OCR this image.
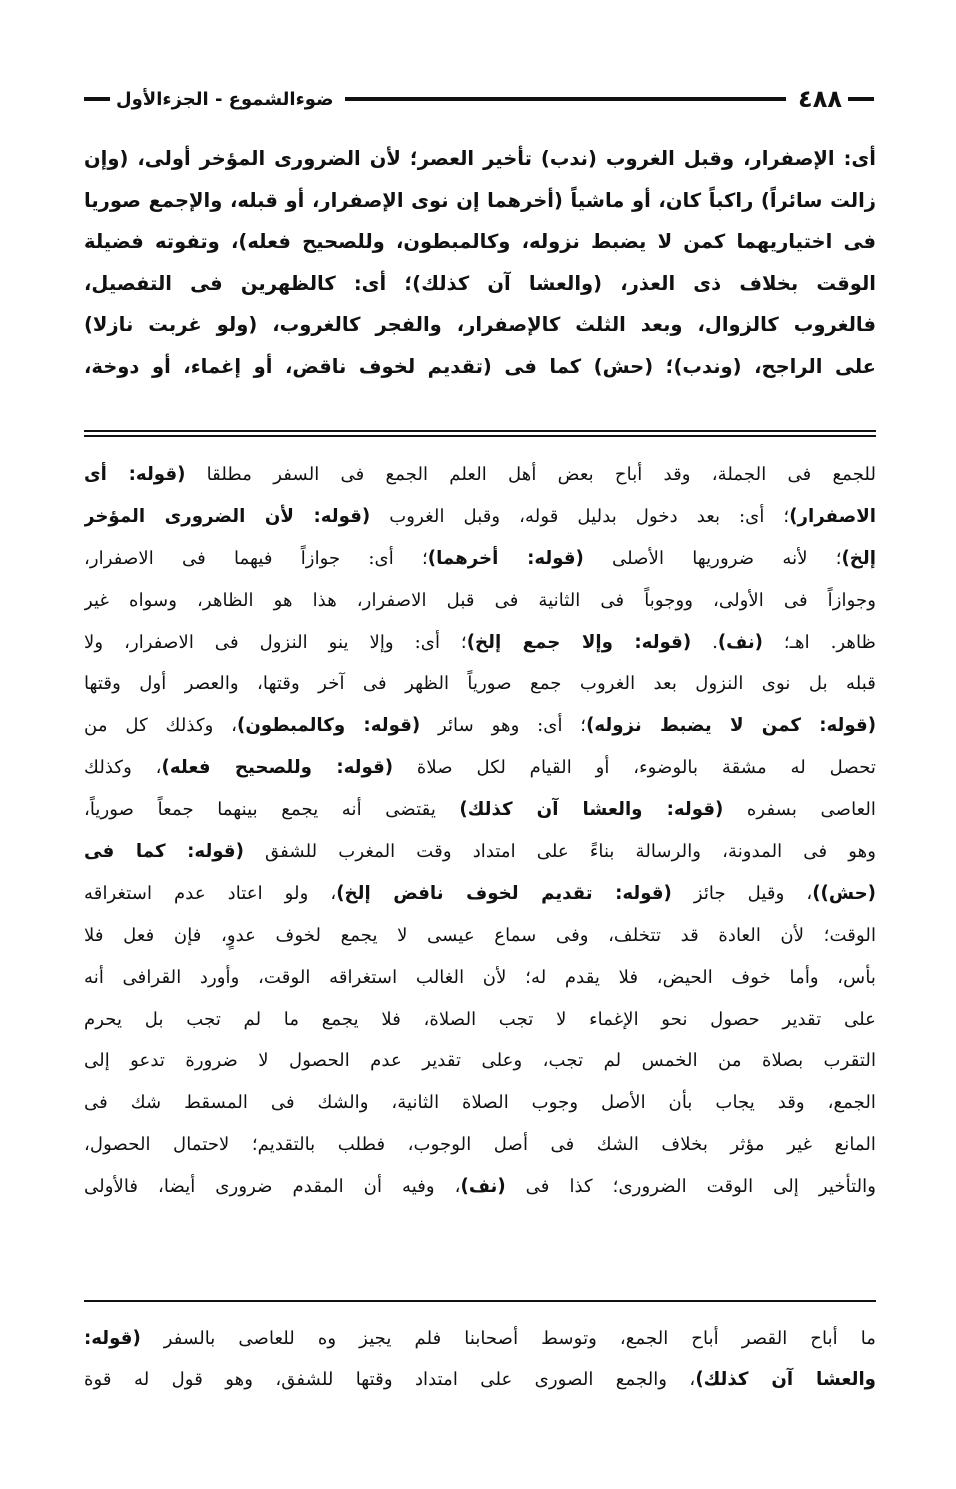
٤٨٨
ضوءالشموع - الجزءالأول
أى: الإصفرار، وقبل الغروب (ندب) تأخير العصر؛ لأن الضرورى المؤخر أولى، (وإن
زالت سائراً) راكباً كان، أو ماشياً (أخرهما إن نوى الإصفرار، أو قبله، والإجمع صوريا
فى اختياريهما كمن لا يضبط نزوله، وكالمبطون، وللصحيح فعله)، وتفوته فضيلة
الوقت بخلاف ذى العذر، (والعشا آن كذلك)؛ أى: كالظهرين فى التفصيل،
فالغروب كالزوال، وبعد الثلث كالإصفرار، والفجر كالغروب، (ولو غربت نازلا)
على الراجح، (وندب)؛ (حش) كما فى (تقديم لخوف ناقض، أو إغماء، أو دوخة،
للجمع فى الجملة، وقد أباح بعض أهل العلم الجمع فى السفر مطلقا (قوله: أى
الاصفرار)؛ أى: بعد دخول بدليل قوله، وقبل الغروب (قوله: لأن الضرورى المؤخر
إلخ)؛ لأنه ضروريها الأصلى (قوله: أخرهما)؛ أى: جوازاً فيهما فى الاصفرار،
وجوازاً فى الأولى، ووجوباً فى الثانية فى قبل الاصفرار، هذا هو الظاهر، وسواه غير
ظاهر. اهـ؛ (نف). (قوله: وإلا جمع إلخ)؛ أى: وإلا ينو النزول فى الاصفرار، ولا
قبله بل نوى النزول بعد الغروب جمع صورياً الظهر فى آخر وقتها، والعصر أول وقتها
(قوله: كمن لا يضبط نزوله)؛ أى: وهو سائر (قوله: وكالمبطون)، وكذلك كل من
تحصل له مشقة بالوضوء، أو القيام لكل صلاة (قوله: وللصحيح فعله)، وكذلك
العاصى بسفره (قوله: والعشا آن كذلك) يقتضى أنه يجمع بينهما جمعاً صورياً،
وهو فى المدونة، والرسالة بناءً على امتداد وقت المغرب للشفق (قوله: كما فى
(حش))، وقيل جائز (قوله: تقديم لخوف نافض إلخ)، ولو اعتاد عدم استغراقه
الوقت؛ لأن العادة قد تتخلف، وفى سماع عيسى لا يجمع لخوف عدوٍ، فإن فعل فلا
بأس، وأما خوف الحيض، فلا يقدم له؛ لأن الغالب استغراقه الوقت، وأورد القرافى أنه
على تقدير حصول نحو الإغماء لا تجب الصلاة، فلا يجمع ما لم تجب بل يحرم
التقرب بصلاة من الخمس لم تجب، وعلى تقدير عدم الحصول لا ضرورة تدعو إلى
الجمع، وقد يجاب بأن الأصل وجوب الصلاة الثانية، والشك فى المسقط شك فى
المانع غير مؤثر بخلاف الشك فى أصل الوجوب، فطلب بالتقديم؛ لاحتمال الحصول،
والتأخير إلى الوقت الضرورى؛ كذا فى (نف)، وفيه أن المقدم ضرورى أيضا، فالأولى
ما أباح القصر أباح الجمع، وتوسط أصحابنا فلم يجيز وه للعاصى بالسفر (قوله:
والعشا آن كذلك)، والجمع الصورى على امتداد وقتها للشفق، وهو قول له قوة
